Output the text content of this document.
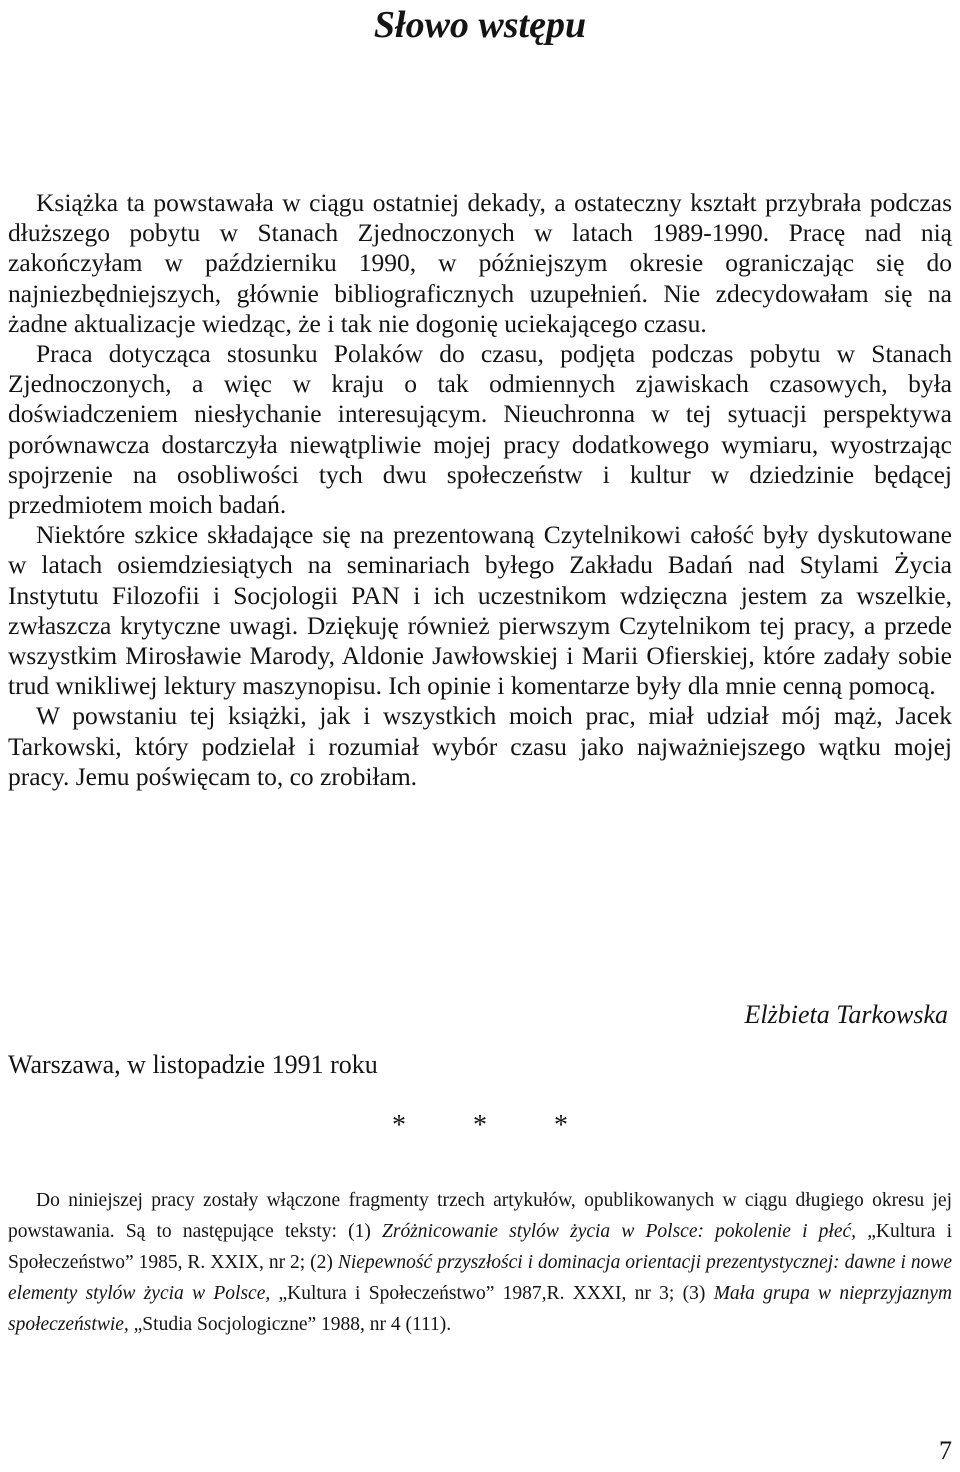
Słowo wstępu

Książka ta powstawała w ciągu ostatniej dekady, a ostateczny kształt przybrała podczas dłuższego pobytu w Stanach Zjednoczonych w latach 1989-1990. Pracę nad nią zakończyłam w październiku 1990, w późniejszym okresie ograniczając się do najniezbędniejszych, głównie bibliograficznych uzupełnień. Nie zdecydowałam się na żadne aktualizacje wiedząc, że i tak nie dogonię uciekającego czasu.

Praca dotycząca stosunku Polaków do czasu, podjęta podczas pobytu w Stanach Zjednoczonych, a więc w kraju o tak odmiennych zjawiskach czasowych, była doświadczeniem niesłychanie interesującym. Nieuchronna w tej sytuacji perspektywa porównawcza dostarczyła niewątpliwie mojej pracy dodatkowego wymiaru, wyostrzając spojrzenie na osobliwości tych dwu społeczeństw i kultur w dziedzinie będącej przedmiotem moich badań.

Niektóre szkice składające się na prezentowaną Czytelnikowi całość były dyskutowane w latach osiemdziesiątych na seminariach byłego Zakładu Badań nad Stylami Życia Instytutu Filozofii i Socjologii PAN i ich uczestnikom wdzięczna jestem za wszelkie, zwłaszcza krytyczne uwagi. Dziękuję również pierwszym Czytelnikom tej pracy, a przede wszystkim Mirosławie Marody, Aldonie Jawłowskiej i Marii Ofierskiej, które zadały sobie trud wnikliwej lektury maszynopisu. Ich opinie i komentarze były dla mnie cenną pomocą.

W powstaniu tej książki, jak i wszystkich moich prac, miał udział mój mąż, Jacek Tarkowski, który podzielał i rozumiał wybór czasu jako najważniejszego wątku mojej pracy. Jemu poświęcam to, co zrobiłam.

Elżbieta Tarkowska
Warszawa, w listopadzie 1991 roku
* * *

Do niniejszej pracy zostały włączone fragmenty trzech artykułów, opublikowanych w ciągu długiego okresu jej powstawania. Są to następujące teksty: (1) Zróżnicowanie stylów życia w Polsce: pokolenie i płeć, „Kultura i Społeczeństwo” 1985, R. XXIX, nr 2; (2) Niepewność przyszłości i dominacja orientacji prezentystycznej: dawne i nowe elementy stylów życia w Polsce, „Kultura i Społeczeństwo” 1987,R. XXXI, nr 3; (3) Mała grupa w nieprzyjaznym społeczeństwie, „Studia Socjologiczne” 1988, nr 4 (111).

7
